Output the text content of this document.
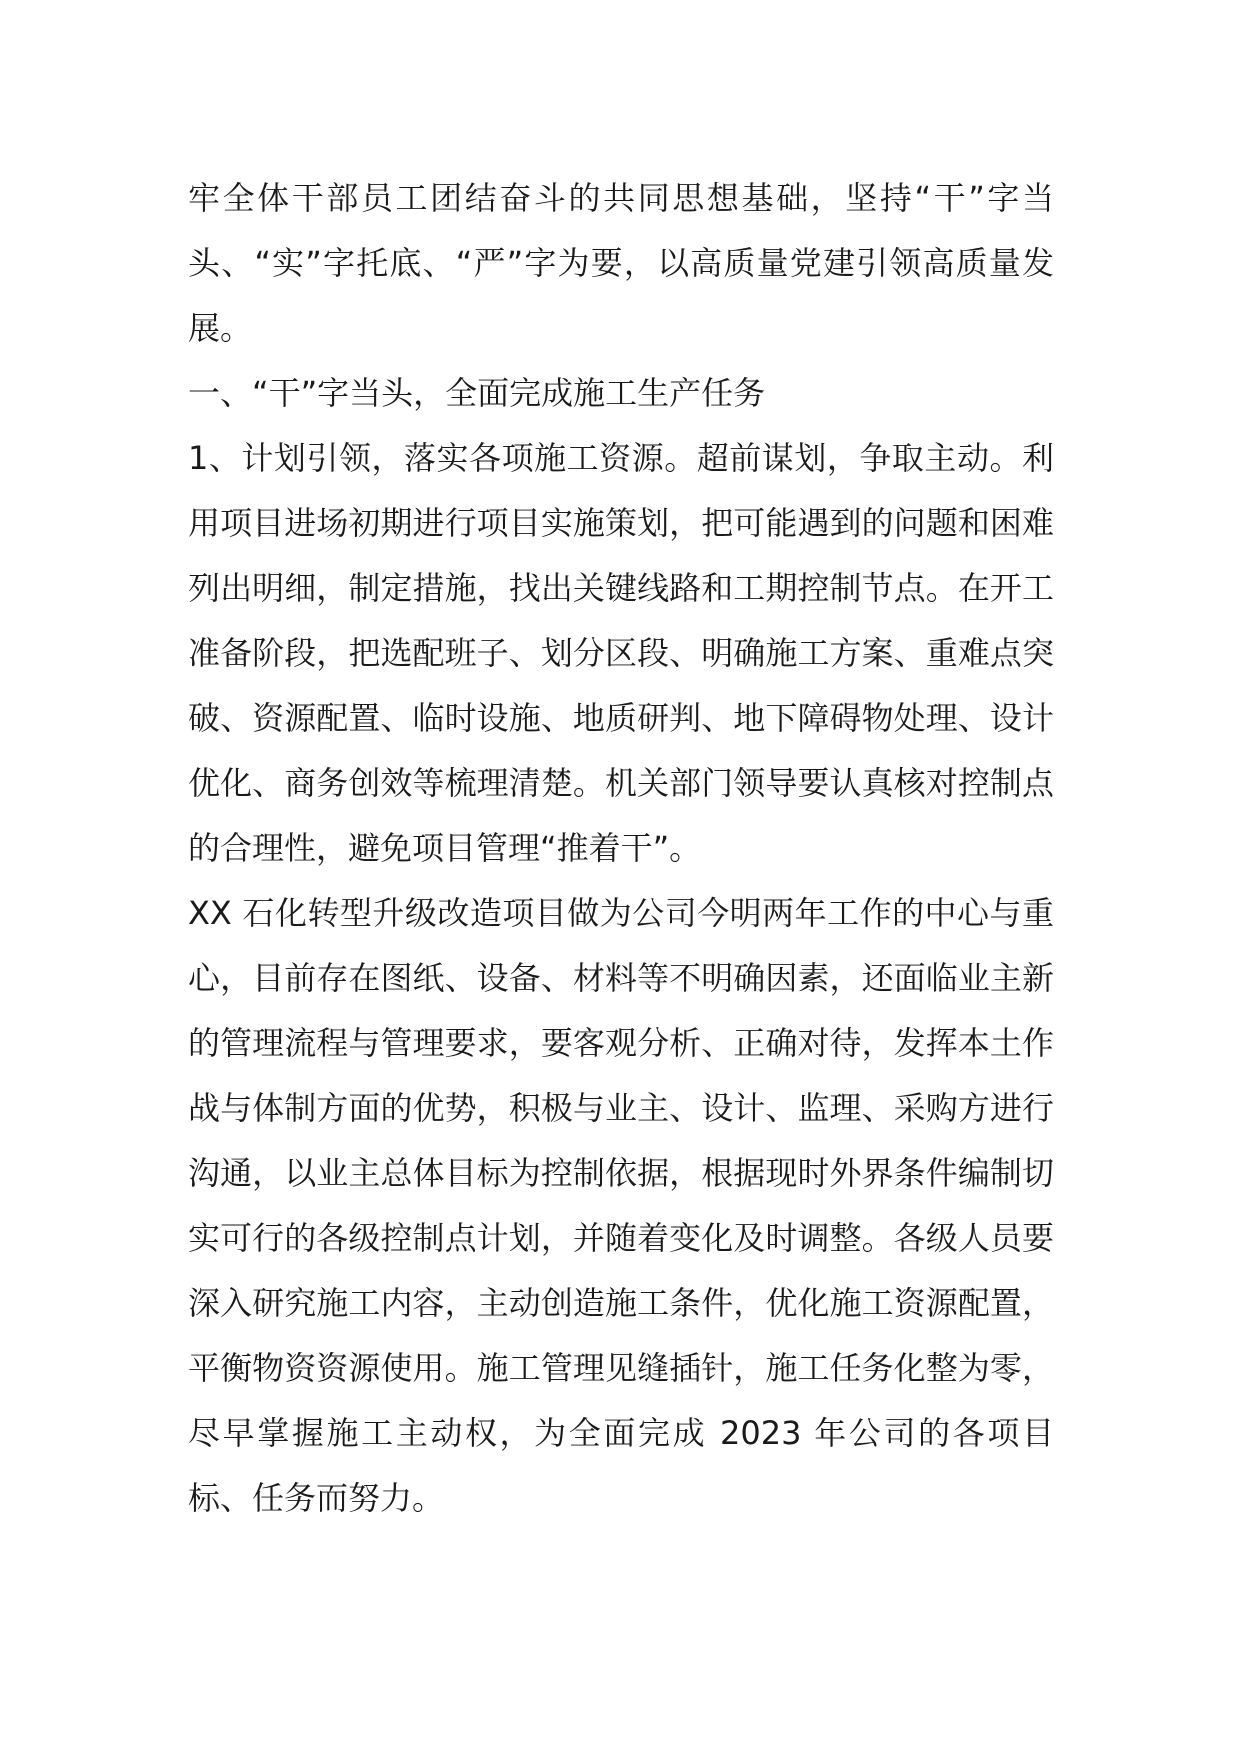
牢全体干部员工团结奋斗的共同思想基础，坚持“干”字当头、“实”字托底、“严”字为要，以高质量党建引领高质量发展。

一、“干”字当头，全面完成施工生产任务

1、计划引领，落实各项施工资源。超前谋划，争取主动。利用项目进场初期进行项目实施策划，把可能遇到的问题和困难列出明细，制定措施，找出关键线路和工期控制节点。在开工准备阶段，把选配班子、划分区段、明确施工方案、重难点突破、资源配置、临时设施、地质研判、地下障碍物处理、设计优化、商务创效等梳理清楚。机关部门领导要认真核对控制点的合理性，避免项目管理“推着干”。

XX 石化转型升级改造项目做为公司今明两年工作的中心与重心，目前存在图纸、设备、材料等不明确因素，还面临业主新的管理流程与管理要求，要客观分析、正确对待，发挥本土作战与体制方面的优势，积极与业主、设计、监理、采购方进行沟通，以业主总体目标为控制依据，根据现时外界条件编制切实可行的各级控制点计划，并随着变化及时调整。各级人员要深入研究施工内容，主动创造施工条件，优化施工资源配置，平衡物资资源使用。施工管理见缝插针，施工任务化整为零，尽早掌握施工主动权，为全面完成 2023 年公司的各项目标、任务而努力。
